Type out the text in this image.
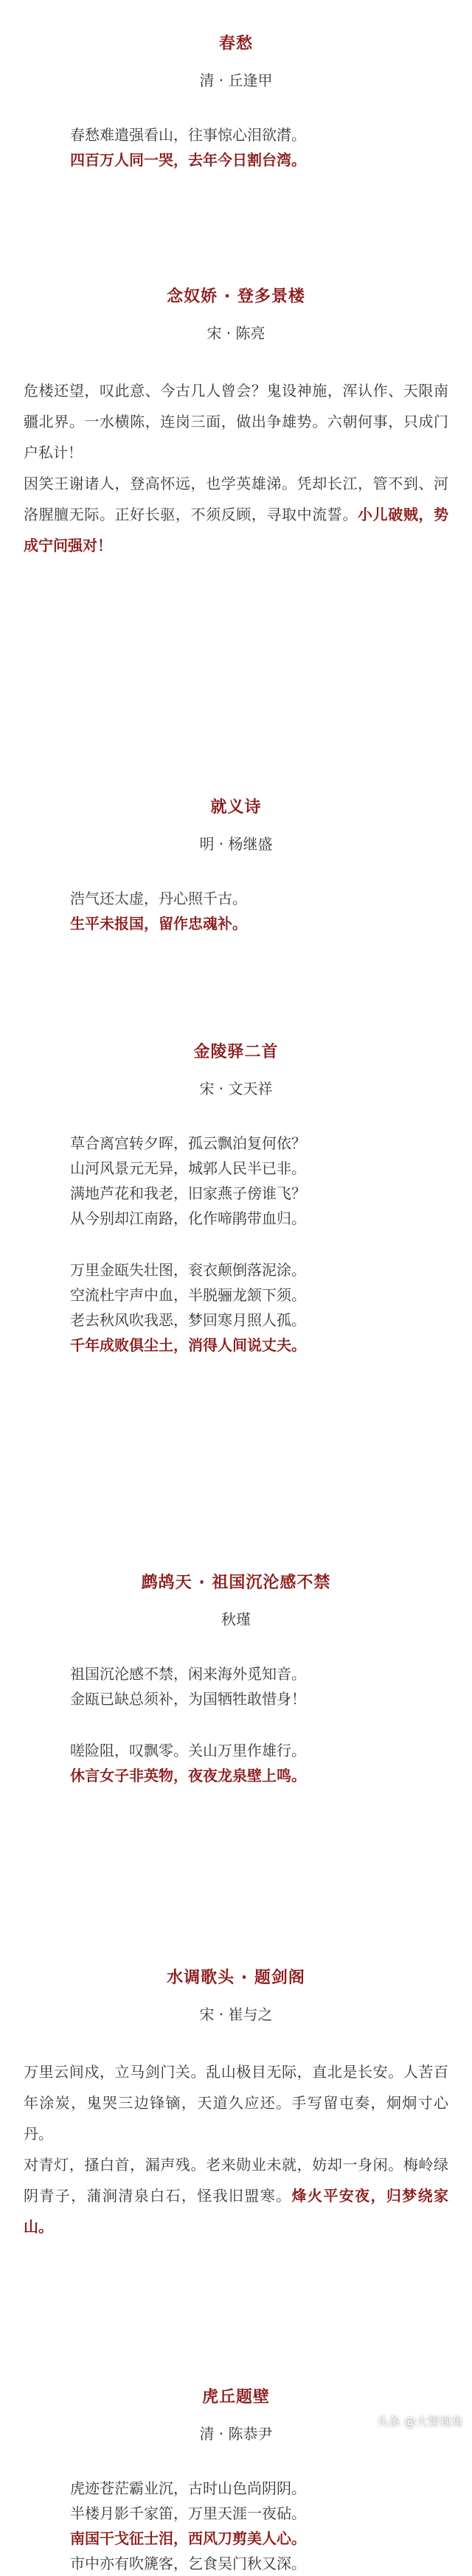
春愁
清 · 丘逢甲
春愁难遣强看山，往事惊心泪欲潸。
四百万人同一哭，去年今日割台湾。
念奴娇 · 登多景楼
宋 · 陈亮
危楼还望，叹此意、今古几人曾会？鬼设神施，浑认作、天限南疆北界。一水横陈，连岗三面，做出争雄势。六朝何事，只成门户私计！
因笑王谢诸人，登高怀远，也学英雄涕。凭却长江，管不到、河洛腥膻无际。正好长驱，不须反顾，寻取中流誓。小儿破贼，势成宁问强对！
就义诗
明 · 杨继盛
浩气还太虚，丹心照千古。
生平未报国，留作忠魂补。
金陵驿二首
宋 · 文天祥
草合离宫转夕晖，孤云飘泊复何依？
山河风景元无异，城郭人民半已非。
满地芦花和我老，旧家燕子傍谁飞？
从今别却江南路，化作啼鹃带血归。
万里金瓯失壮图，衮衣颠倒落泥涂。
空流杜宇声中血，半脱骊龙颔下须。
老去秋风吹我恶，梦回寒月照人孤。
千年成败俱尘土，消得人间说丈夫。
鹧鸪天 · 祖国沉沦感不禁
秋瑾
祖国沉沦感不禁，闲来海外觅知音。
金瓯已缺总须补，为国牺牲敢惜身！
嗟险阻，叹飘零。关山万里作雄行。
休言女子非英物，夜夜龙泉壁上鸣。
水调歌头 · 题剑阁
宋 · 崔与之
万里云间戍，立马剑门关。乱山极目无际，直北是长安。人苦百年涂炭，鬼哭三边锋镝，天道久应还。手写留屯奏，炯炯寸心丹。
对青灯，搔白首，漏声残。老来勋业未就，妨却一身闲。梅岭绿阴青子，蒲涧清泉白石，怪我旧盟寒。烽火平安夜，归梦绕家山。
虎丘题壁
清 · 陈恭尹
虎迹苍茫霸业沉，古时山色尚阴阴。
半楼月影千家笛，万里天涯一夜砧。
南国干戈征士泪，西风刀剪美人心。
市中亦有吹篪客，乞食吴门秋又深。
头条 @大智视角
